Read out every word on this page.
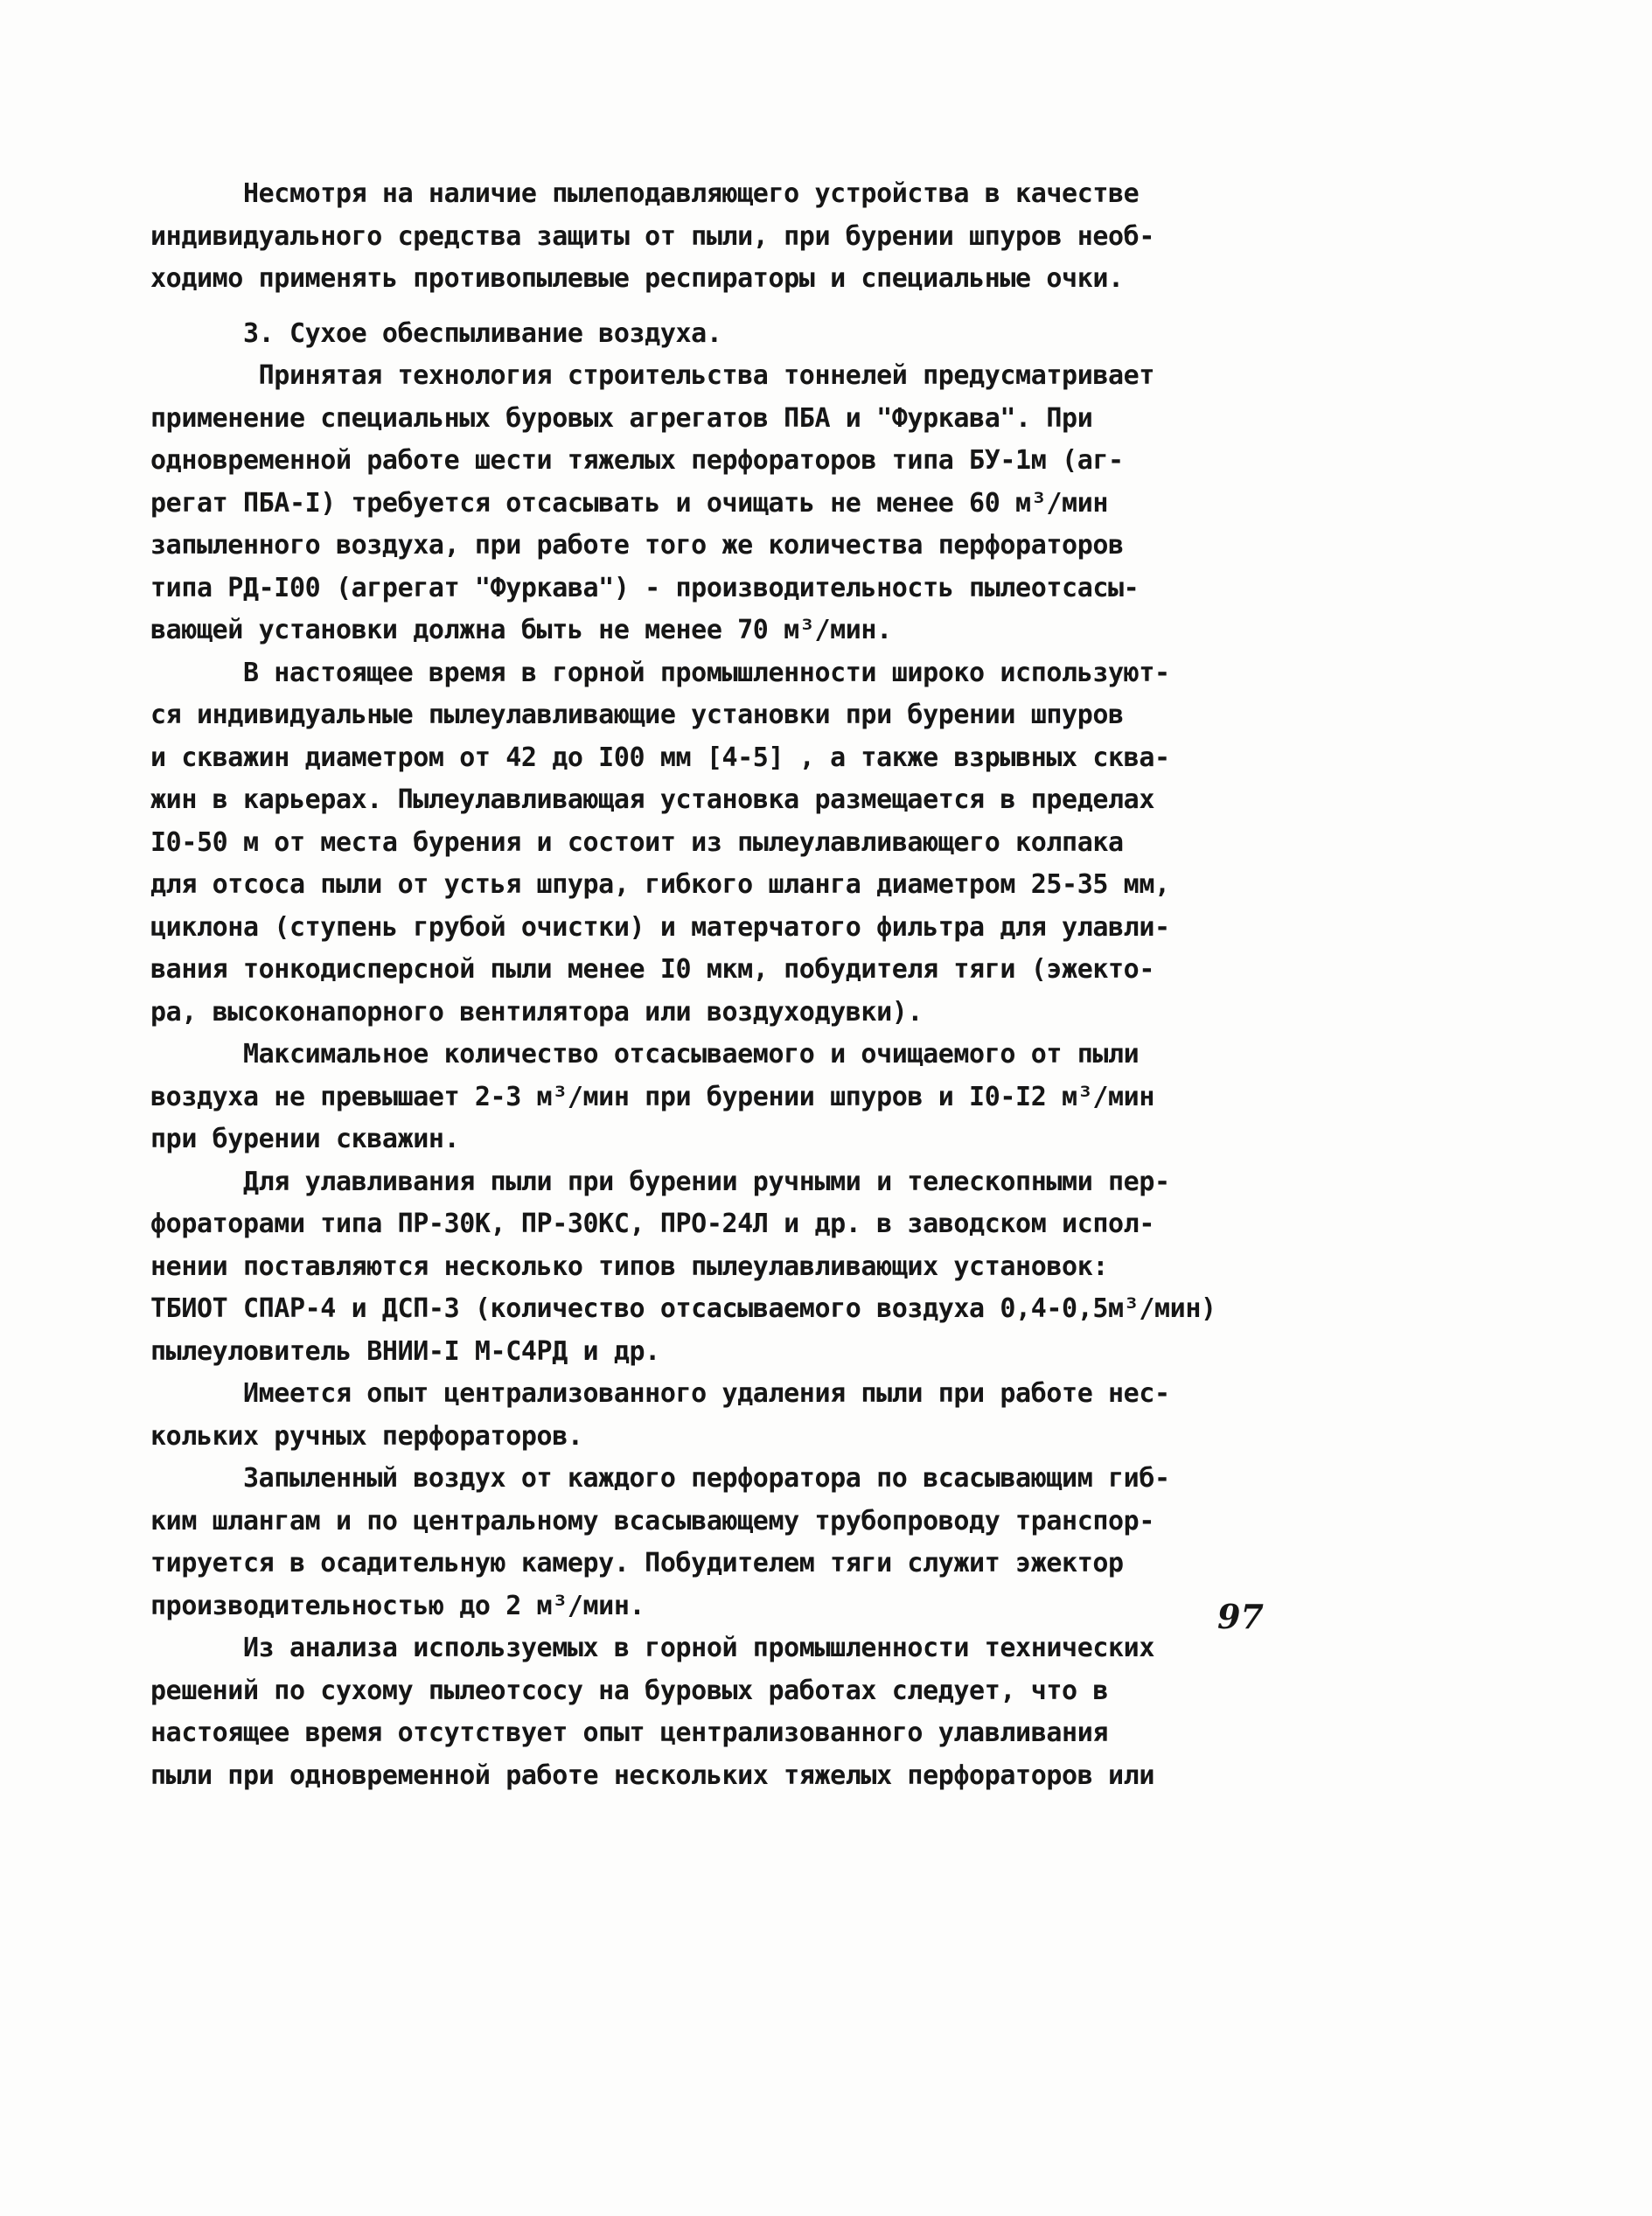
Несмотря на наличие пылеподавляющего устройства в качестве
индивидуального средства защиты от пыли, при бурении шпуров необ-
ходимо применять противопылевые респираторы и специальные очки.
3. Сухое обеспыливание воздуха.
Принятая технология строительства тоннелей предусматривает
применение специальных буровых агрегатов ПБА и "Фуркава". При
одновременной работе шести тяжелых перфораторов типа БУ-1м (аг-
регат ПБА-I) требуется отсасывать и очищать не менее 60 м³/мин
запыленного воздуха, при работе того же количества перфораторов
типа РД-I00 (агрегат "Фуркава") - производительность пылеотсасы-
вающей установки должна быть не менее 70 м³/мин.
В настоящее время в горной промышленности широко используют-
ся индивидуальные пылеулавливающие установки при бурении шпуров
и скважин диаметром от 42 до I00 мм [4-5] , а также взрывных сква-
жин в карьерах. Пылеулавливающая установка размещается в пределах
I0-50 м от места бурения и состоит из пылеулавливающего колпака
для отсоса пыли от устья шпура, гибкого шланга диаметром 25-35 мм,
циклона (ступень грубой очистки) и матерчатого фильтра для улавли-
вания тонкодисперсной пыли менее I0 мкм, побудителя тяги (эжекто-
ра, высоконапорного вентилятора или воздуходувки).
Максимальное количество отсасываемого и очищаемого от пыли
воздуха не превышает 2-3 м³/мин при бурении шпуров и I0-I2 м³/мин
при бурении скважин.
Для улавливания пыли при бурении ручными и телескопными пер-
фораторами типа ПР-30К, ПР-30КС, ПРО-24Л и др. в заводском испол-
нении поставляются несколько типов пылеулавливающих установок:
ТБИОТ СПАР-4 и ДСП-3 (количество отсасываемого воздуха 0,4-0,5м³/мин)
пылеуловитель ВНИИ-I М-С4РД и др.
Имеется опыт централизованного удаления пыли при работе нес-
кольких ручных перфораторов.
Запыленный воздух от каждого перфоратора по всасывающим гиб-
ким шлангам и по центральному всасывающему трубопроводу транспор-
тируется в осадительную камеру. Побудителем тяги служит эжектор
производительностью до 2 м³/мин.
Из анализа используемых в горной промышленности технических
решений по сухому пылеотсосу на буровых работах следует, что в
настоящее время отсутствует опыт централизованного улавливания
пыли при одновременной работе нескольких тяжелых перфораторов или
97
